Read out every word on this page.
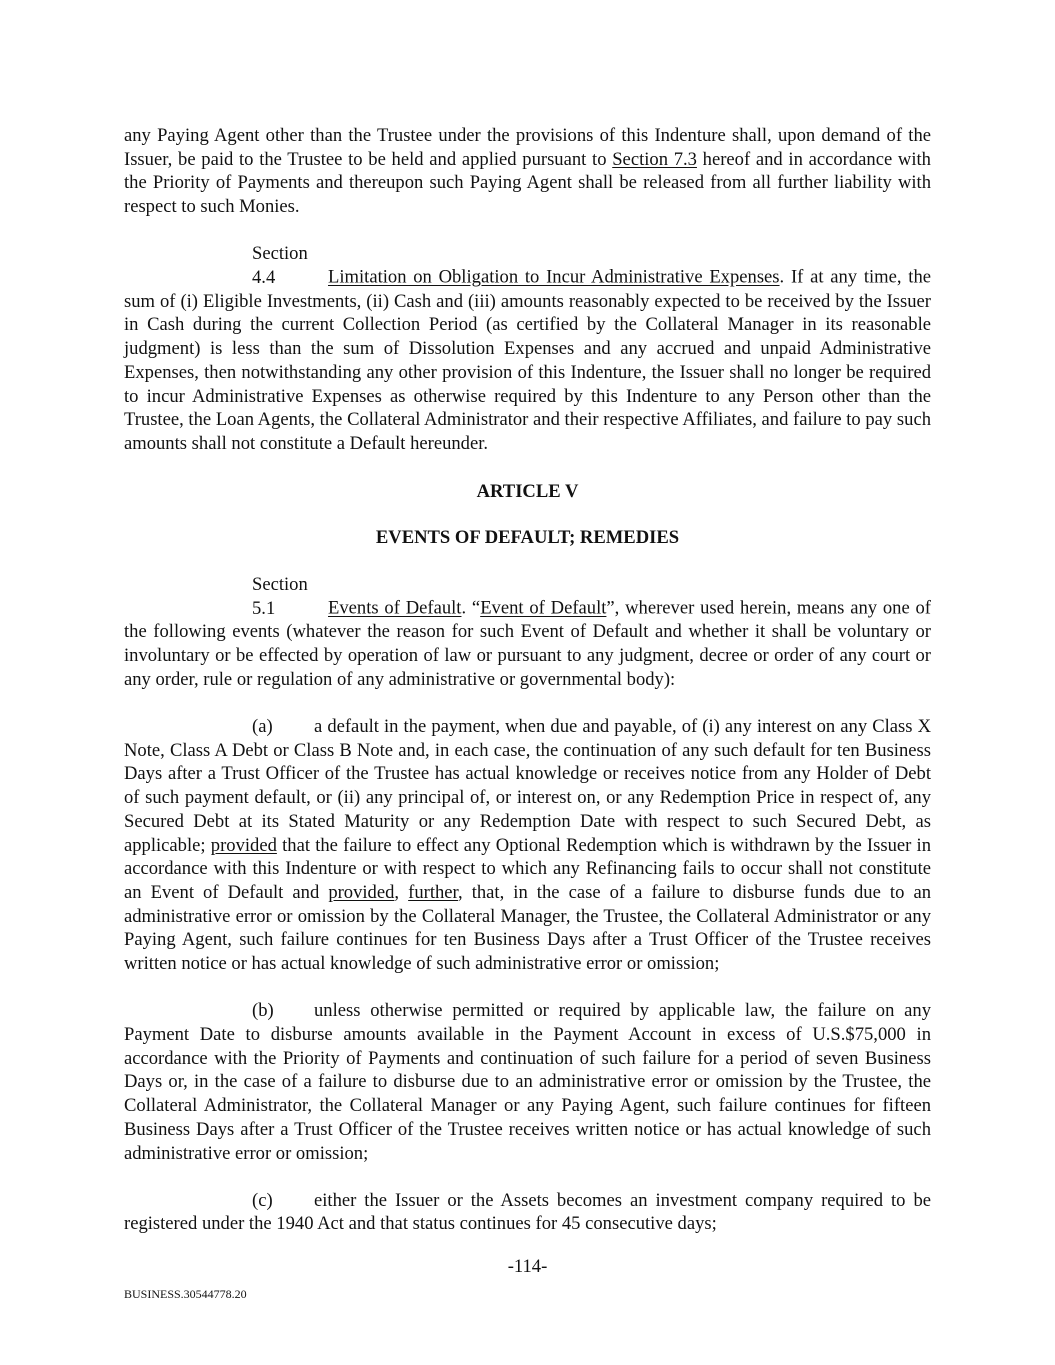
any Paying Agent other than the Trustee under the provisions of this Indenture shall, upon demand of the Issuer, be paid to the Trustee to be held and applied pursuant to Section 7.3 hereof and in accordance with the Priority of Payments and thereupon such Paying Agent shall be released from all further liability with respect to such Monies.

Section 4.4	Limitation on Obligation to Incur Administrative Expenses. If at any time, the sum of (i) Eligible Investments, (ii) Cash and (iii) amounts reasonably expected to be received by the Issuer in Cash during the current Collection Period (as certified by the Collateral Manager in its reasonable judgment) is less than the sum of Dissolution Expenses and any accrued and unpaid Administrative Expenses, then notwithstanding any other provision of this Indenture, the Issuer shall no longer be required to incur Administrative Expenses as otherwise required by this Indenture to any Person other than the Trustee, the Loan Agents, the Collateral Administrator and their respective Affiliates, and failure to pay such amounts shall not constitute a Default hereunder.

ARTICLE V

EVENTS OF DEFAULT; REMEDIES

Section 5.1	Events of Default. “Event of Default”, wherever used herein, means any one of the following events (whatever the reason for such Event of Default and whether it shall be voluntary or involuntary or be effected by operation of law or pursuant to any judgment, decree or order of any court or any order, rule or regulation of any administrative or governmental body):

(a) a default in the payment, when due and payable, of (i) any interest on any Class X Note, Class A Debt or Class B Note and, in each case, the continuation of any such default for ten Business Days after a Trust Officer of the Trustee has actual knowledge or receives notice from any Holder of Debt of such payment default, or (ii) any principal of, or interest on, or any Redemption Price in respect of, any Secured Debt at its Stated Maturity or any Redemption Date with respect to such Secured Debt, as applicable; provided that the failure to effect any Optional Redemption which is withdrawn by the Issuer in accordance with this Indenture or with respect to which any Refinancing fails to occur shall not constitute an Event of Default and provided, further, that, in the case of a failure to disburse funds due to an administrative error or omission by the Collateral Manager, the Trustee, the Collateral Administrator or any Paying Agent, such failure continues for ten Business Days after a Trust Officer of the Trustee receives written notice or has actual knowledge of such administrative error or omission;

(b) unless otherwise permitted or required by applicable law, the failure on any Payment Date to disburse amounts available in the Payment Account in excess of U.S.$75,000 in accordance with the Priority of Payments and continuation of such failure for a period of seven Business Days or, in the case of a failure to disburse due to an administrative error or omission by the Trustee, the Collateral Administrator, the Collateral Manager or any Paying Agent, such failure continues for fifteen Business Days after a Trust Officer of the Trustee receives written notice or has actual knowledge of such administrative error or omission;

(c) either the Issuer or the Assets becomes an investment company required to be registered under the 1940 Act and that status continues for 45 consecutive days;

-114-
BUSINESS.30544778.20
